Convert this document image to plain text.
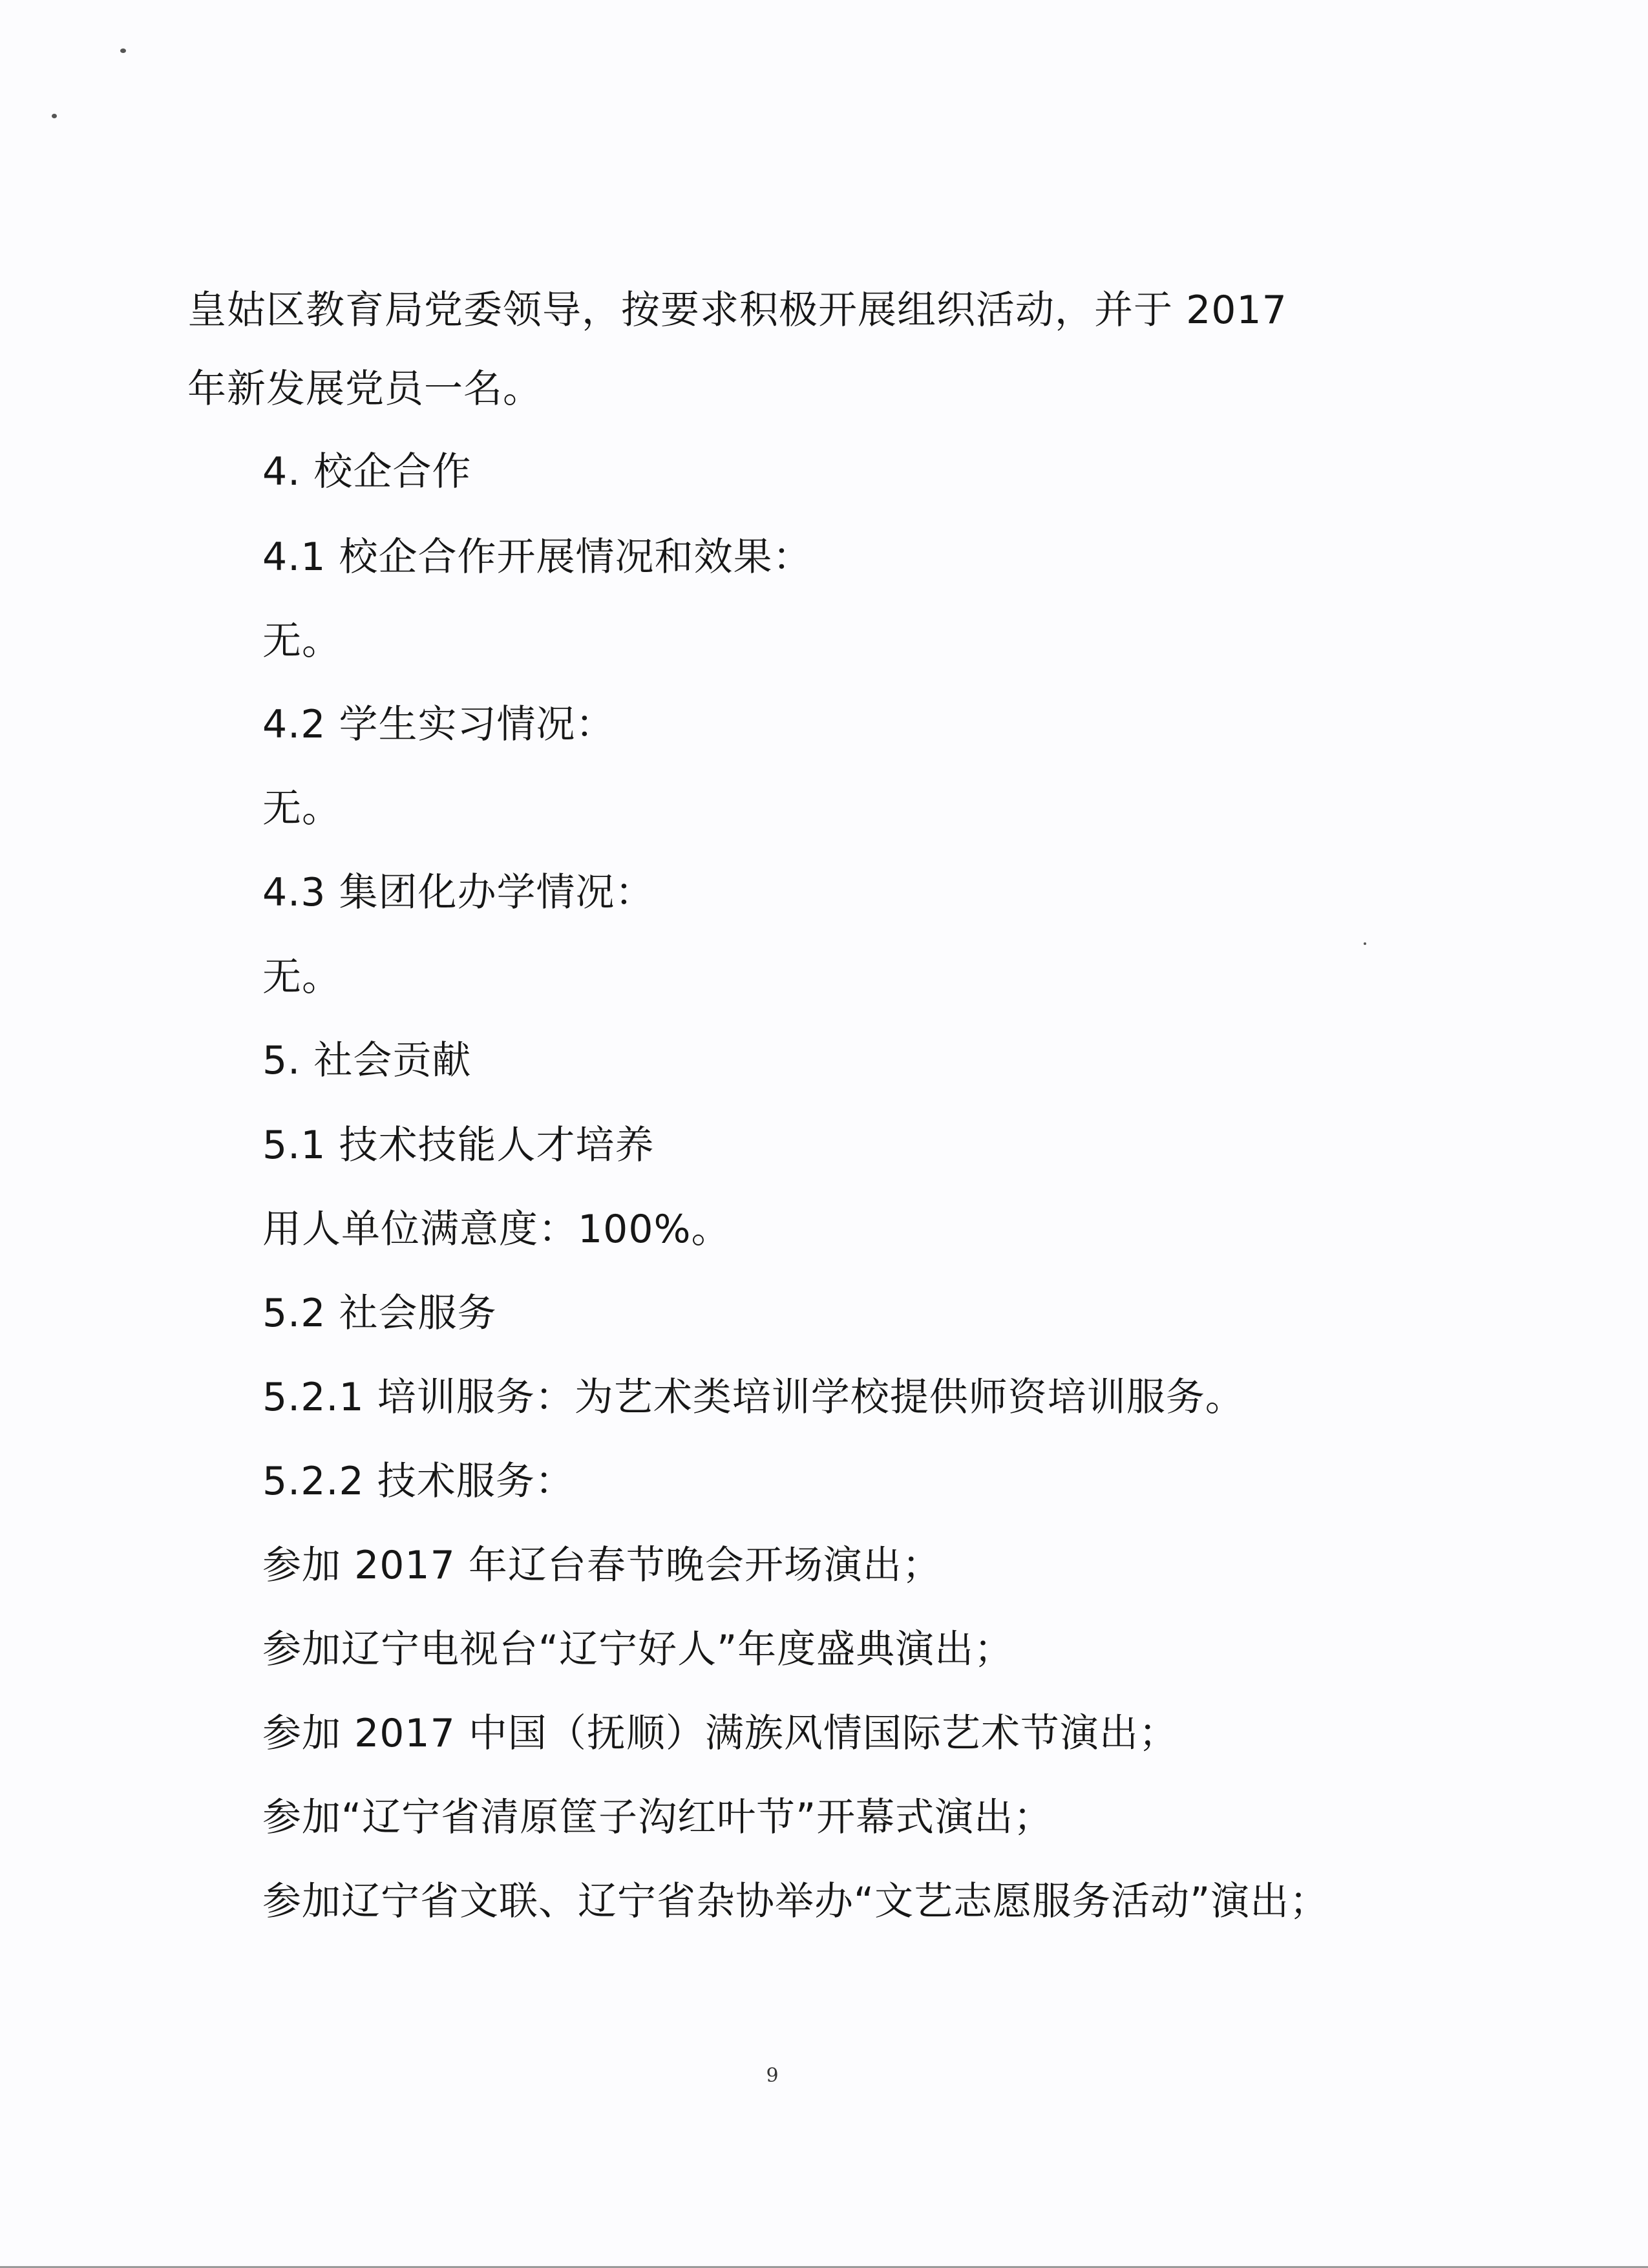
皇姑区教育局党委领导，按要求积极开展组织活动，并于 2017
年新发展党员一名。
4. 校企合作
4.1 校企合作开展情况和效果：
无。
4.2 学生实习情况：
无。
4.3 集团化办学情况：
无。
5. 社会贡献
5.1 技术技能人才培养
用人单位满意度：100%。
5.2 社会服务
5.2.1 培训服务：为艺术类培训学校提供师资培训服务。
5.2.2 技术服务：
参加 2017 年辽台春节晚会开场演出；
参加辽宁电视台“辽宁好人”年度盛典演出；
参加 2017 中国（抚顺）满族风情国际艺术节演出；
参加“辽宁省清原筐子沟红叶节”开幕式演出；
参加辽宁省文联、辽宁省杂协举办“文艺志愿服务活动”演出；
9
